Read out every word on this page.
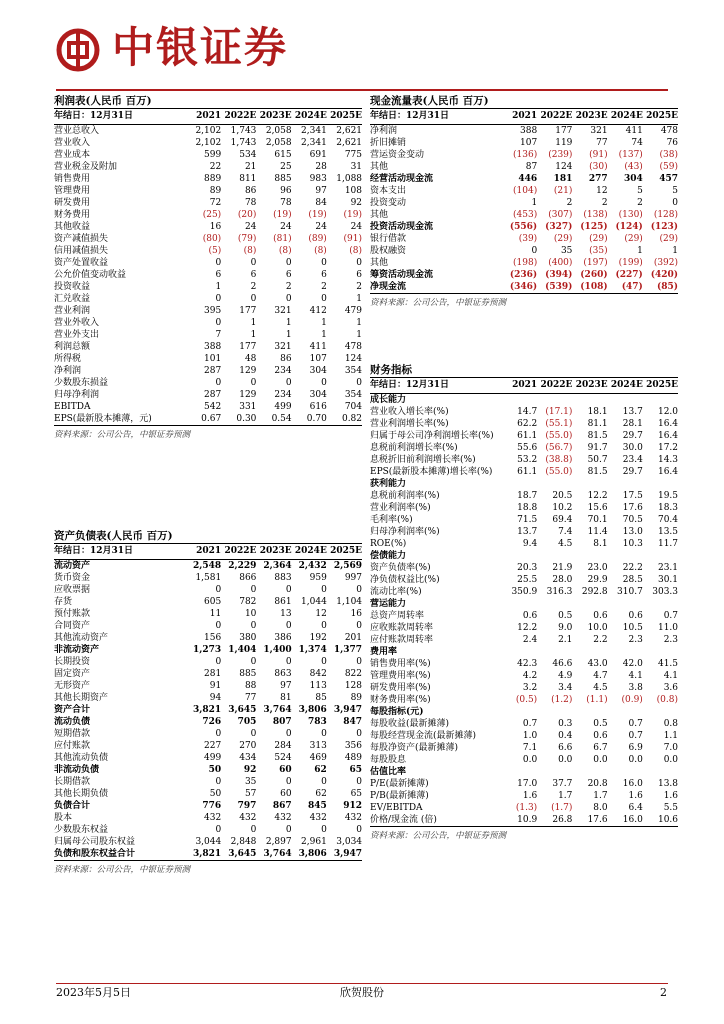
中银证券
利润表(人民币 百万)
年结日：12月31日	2021 2022E 2023E 2024E 2025E
营业总收入	2,102	1,743	2,058	2,341	2,621
营业收入	2,102	1,743	2,058	2,341	2,621
营业成本	599	534	615	691	775
营业税金及附加	22	21	25	28	31
销售费用	889	811	885	983	1,088
管理费用	89	86	96	97	108
研发费用	72	78	78	84	92
财务费用	(25)	(20)	(19)	(19)	(19)
其他收益	16	24	24	24	24
资产减值损失	(80)	(79)	(81)	(89)	(91)
信用减值损失	(5)	(8)	(8)	(8)	(8)
资产处置收益	0	0	0	0	0
公允价值变动收益	6	6	6	6	6
投资收益	1	2	2	2	2
汇兑收益	0	0	0	0	1
营业利润	395	177	321	412	479
营业外收入	0	1	1	1	1
营业外支出	7	1	1	1	1
利润总额	388	177	321	411	478
所得税	101	48	86	107	124
净利润	287	129	234	304	354
少数股东损益	0	0	0	0	0
归母净利润	287	129	234	304	354
EBITDA	542	331	499	616	704
EPS(最新股本摊薄，元)	0.67	0.30	0.54	0.70	0.82
资料来源：公司公告，中银证券预测
资产负债表(人民币 百万)
年结日：12月31日	2021 2022E 2023E 2024E 2025E
流动资产	2,548 2,229 2,364 2,432 2,569
货币资金	1,581	866	883	959	997
应收票据	0	0	0	0	0
存货	605	782	861	1,044	1,104
预付账款	11	10	13	12	16
合同资产	0	0	0	0	0
其他流动资产	156	380	386	192	201
非流动资产	1,273 1,404 1,400 1,374 1,377
长期投资	0	0	0	0	0
固定资产	281	885	863	842	822
无形资产	91	88	97	113	128
其他长期资产	94	77	81	85	89
资产合计	3,821 3,645 3,764 3,806 3,947
流动负债	726	705	807	783	847
短期借款	0	0	0	0	0
应付账款	227	270	284	313	356
其他流动负债	499	434	524	469	489
非流动负债	50	92	60	62	65
长期借款	0	35	0	0	0
其他长期负债	50	57	60	62	65
负债合计	776	797	867	845	912
股本	432	432	432	432	432
少数股东权益	0	0	0	0	0
归属母公司股东权益	3,044	2,848	2,897	2,961	3,034
负债和股东权益合计	3,821 3,645 3,764 3,806 3,947
资料来源：公司公告，中银证券预测
现金流量表(人民币 百万)
年结日：12月31日	2021 2022E 2023E 2024E 2025E
净利润	388	177	321	411	478
折旧摊销	107	119	77	74	76
营运资金变动	(136)	(239)	(91)	(137)	(38)
其他	87	124	(30)	(43)	(59)
经营活动现金流	446	181	277	304	457
资本支出	(104)	(21)	12	5	5
投资变动	1	2	2	2	0
其他	(453)	(307)	(138)	(130)	(128)
投资活动现金流	(556) (327) (125) (124) (123)
银行借款	(39)	(29)	(29)	(29)	(29)
股权融资	0	35	(35)	1	1
其他	(198)	(400)	(197)	(199)	(392)
筹资活动现金流	(236) (394) (260) (227) (420)
净现金流	(346) (539) (108)	(47)	(85)
资料来源：公司公告，中银证券预测
财务指标
年结日：12月31日	2021 2022E 2023E 2024E 2025E
成长能力
营业收入增长率(%)	14.7 (17.1)	18.1	13.7	12.0
营业利润增长率(%)	62.2 (55.1)	81.1	28.1	16.4
归属于母公司净利润增长率(%)	61.1 (55.0)	81.5	29.7	16.4
息税前利润增长率(%)	55.6 (56.7)	91.7	30.0	17.2
息税折旧前利润增长率(%)	53.2 (38.8)	50.7	23.4	14.3
EPS(最新股本摊薄)增长率(%)	61.1 (55.0)	81.5	29.7	16.4
获利能力
息税前利润率(%)	18.7	20.5	12.2	17.5	19.5
营业利润率(%)	18.8	10.2	15.6	17.6	18.3
毛利率(%)	71.5	69.4	70.1	70.5	70.4
归母净利润率(%)	13.7	7.4	11.4	13.0	13.5
ROE(%)	9.4	4.5	8.1	10.3	11.7
偿债能力
资产负债率(%)	20.3	21.9	23.0	22.2	23.1
净负债权益比(%)	25.5	28.0	29.9	28.5	30.1
流动比率(%)	350.9	316.3	292.8	310.7	303.3
营运能力
总资产周转率	0.6	0.5	0.6	0.6	0.7
应收账款周转率	12.2	9.0	10.0	10.5	11.0
应付账款周转率	2.4	2.1	2.2	2.3	2.3
费用率
销售费用率(%)	42.3	46.6	43.0	42.0	41.5
管理费用率(%)	4.2	4.9	4.7	4.1	4.1
研发费用率(%)	3.2	3.4	4.5	3.8	3.6
财务费用率(%)	(0.5)	(1.2)	(1.1)	(0.9)	(0.8)
每股指标(元)
每股收益(最新摊薄)	0.7	0.3	0.5	0.7	0.8
每股经营现金流(最新摊薄)	1.0	0.4	0.6	0.7	1.1
每股净资产(最新摊薄)	7.1	6.6	6.7	6.9	7.0
每股股息	0.0	0.0	0.0	0.0	0.0
估值比率
P/E(最新摊薄)	17.0	37.7	20.8	16.0	13.8
P/B(最新摊薄)	1.6	1.7	1.7	1.6	1.6
EV/EBITDA	(1.3)	(1.7)	8.0	6.4	5.5
价格/现金流 (倍)	10.9	26.8	17.6	16.0	10.6
资料来源：公司公告，中银证券预测
2023年5月5日	欣贺股份	2
